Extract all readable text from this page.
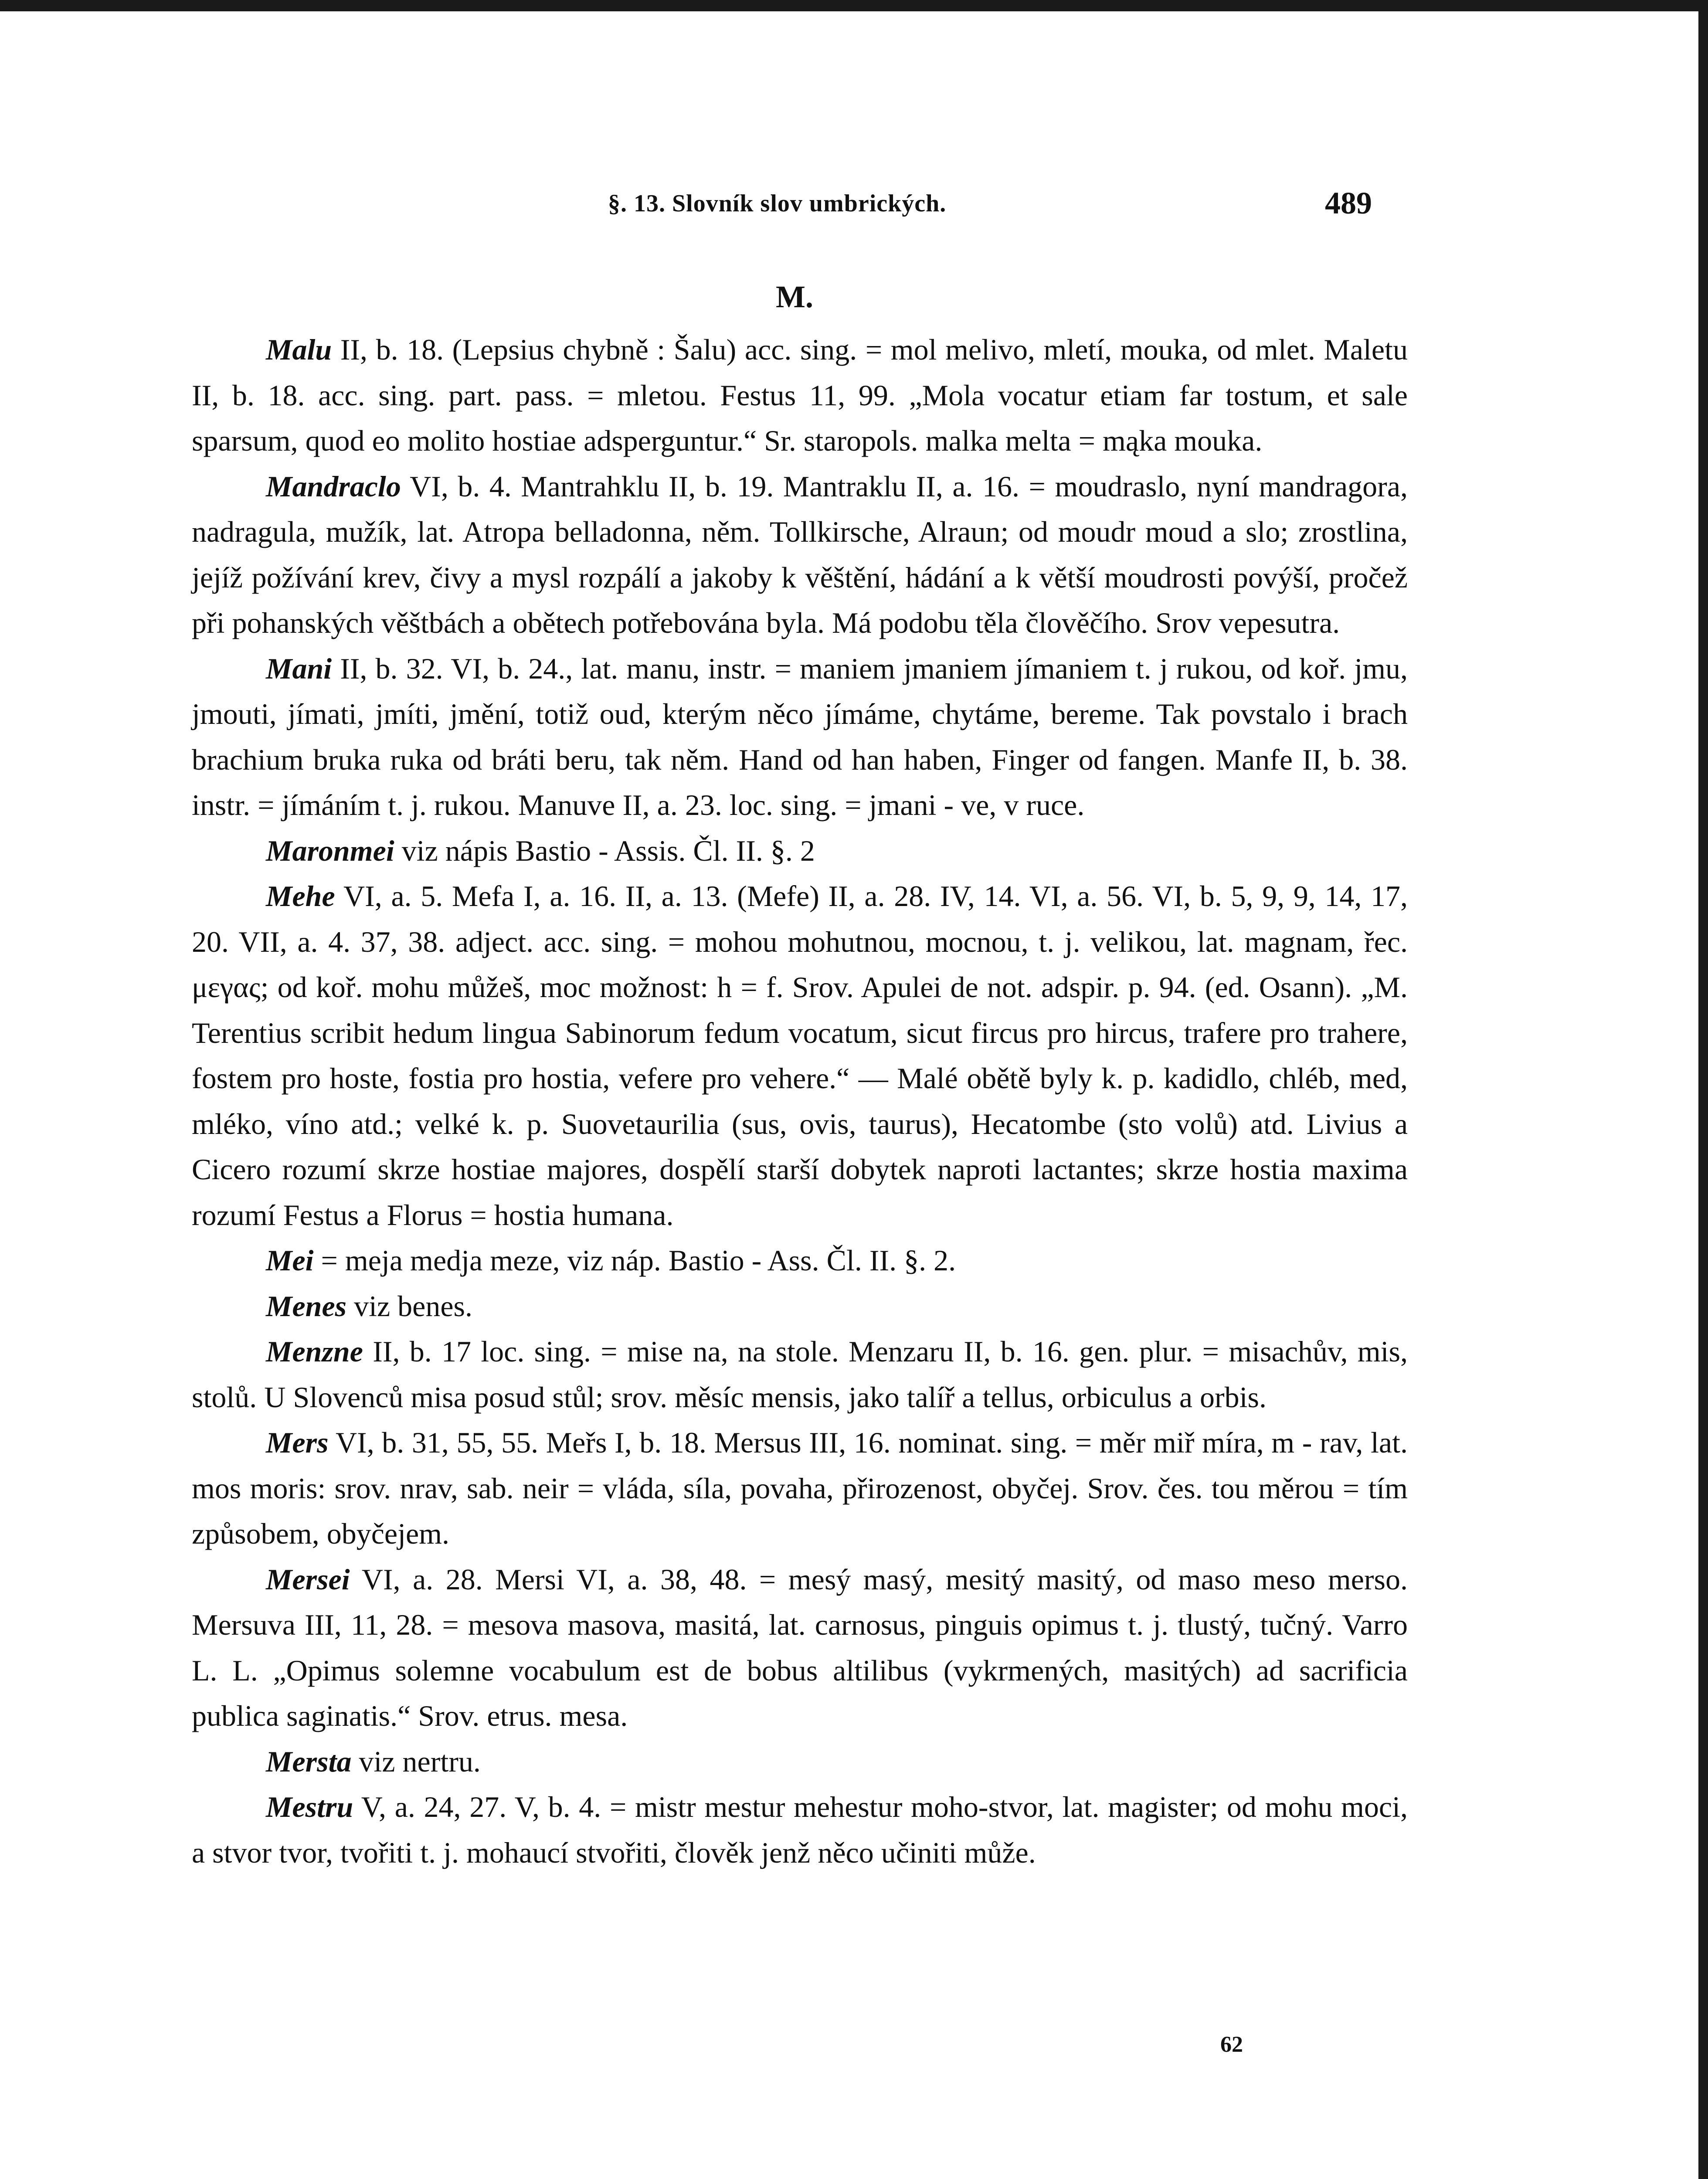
§. 13. Slovník slov umbrických.	489
M.

Malu II, b. 18. (Lepsius chybně : Šalu) acc. sing. = mol melivo, mletí, mouka, od mlet. Maletu II, b. 18. acc. sing. part. pass. = mletou. Festus 11, 99. „Mola vocatur etiam far tostum, et sale sparsum, quod eo molito hostiae adsperguntur.“ Sr. staropols. malka melta = mąka mouka.

Mandraclo VI, b. 4. Mantrahklu II, b. 19. Mantraklu II, a. 16. = moudraslo, nyní mandragora, nadragula, mužík, lat. Atropa belladonna, něm. Tollkirsche, Alraun; od moudr moud a slo; zrostlina, jejíž požívání krev, čivy a mysl rozpálí a jakoby k věštění, hádání a k větší moudrosti povýší, pročež při pohanských věštbách a obětech potřebována byla. Má podobu těla člověčího. Srov vepesutra.

Mani II, b. 32. VI, b. 24., lat. manu, instr. = maniem jmaniem jímaniem t. j rukou, od koř. jmu, jmouti, jímati, jmíti, jmění, totiž oud, kterým něco jímáme, chytáme, bereme. Tak povstalo i brach brachium bruka ruka od bráti beru, tak něm. Hand od han haben, Finger od fangen. Manfe II, b. 38. instr. = jímáním t. j. rukou. Manuve II, a. 23. loc. sing. = jmani - ve, v ruce.

Maronmei viz nápis Bastio - Assis. Čl. II. §. 2

Mehe VI, a. 5. Mefa I, a. 16. II, a. 13. (Mefe) II, a. 28. IV, 14. VI, a. 56. VI, b. 5, 9, 9, 14, 17, 20. VII, a. 4. 37, 38. adject. acc. sing. = mohou mohutnou, mocnou, t. j. velikou, lat. magnam, řec. μεγας; od koř. mohu můžeš, moc možnost: h = f. Srov. Apulei de not. adspir. p. 94. (ed. Osann). „M. Terentius scribit hedum lingua Sabinorum fedum vocatum, sicut fircus pro hircus, trafere pro trahere, fostem pro hoste, fostia pro hostia, vefere pro vehere.“ — Malé obětě byly k. p. kadidlo, chléb, med, mléko, víno atd.; velké k. p. Suovetaurilia (sus, ovis, taurus), Hecatombe (sto volů) atd. Livius a Cicero rozumí skrze hostiae majores, dospělí starší dobytek naproti lactantes; skrze hostia maxima rozumí Festus a Florus = hostia humana.

Mei = meja medja meze, viz náp. Bastio - Ass. Čl. II. §. 2.

Menes viz benes.

Menzne II, b. 17 loc. sing. = mise na, na stole. Menzaru II, b. 16. gen. plur. = misachův, mis, stolů. U Slovenců misa posud stůl; srov. měsíc mensis, jako talíř a tellus, orbiculus a orbis.

Mers VI, b. 31, 55, 55. Meřs I, b. 18. Mersus III, 16. nominat. sing. = měr miř míra, m - rav, lat. mos moris: srov. nrav, sab. neir = vláda, síla, povaha, přirozenost, obyčej. Srov. čes. tou měrou = tím způsobem, obyčejem.

Mersei VI, a. 28. Mersi VI, a. 38, 48. = mesý masý, mesitý masitý, od maso meso merso. Mersuva III, 11, 28. = mesova masova, masitá, lat. carnosus, pinguis opimus t. j. tlustý, tučný. Varro L. L. „Opimus solemne vocabulum est de bobus altilibus (vykrmených, masitých) ad sacrificia publica saginatis.“ Srov. etrus. mesa.

Mersta viz nertru.

Mestru V, a. 24, 27. V, b. 4. = mistr mestur mehestur moho-stvor, lat. magister; od mohu moci, a stvor tvor, tvořiti t. j. mohaucí stvořiti, člověk jenž něco učiniti může.

62
